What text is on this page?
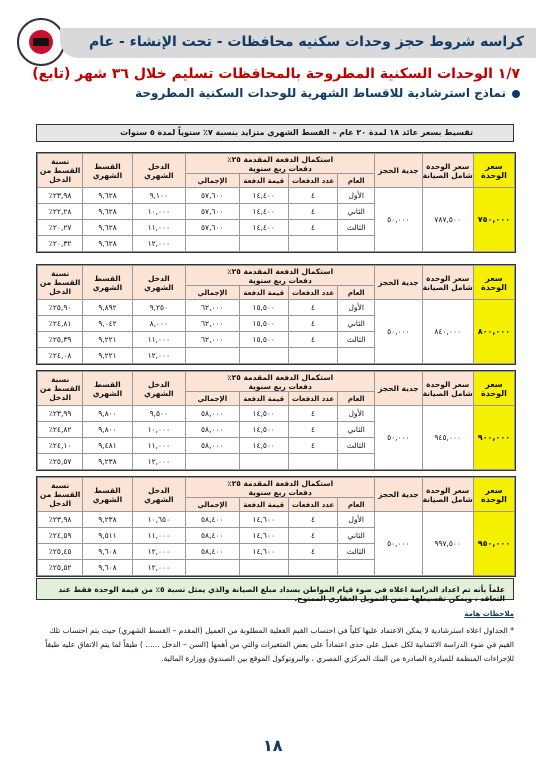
كراسه شروط حجز وحدات سكنيه محافظات - تحت الإنشاء - عام
١/٧ الوحدات السكنية المطروحة بالمحافظات تسليم خلال ٣٦ شهر (تابع)
نماذج استرشادية للاقساط الشهرية للوحدات السكنية المطروحة
تقسيط بسعر عائد ١٨ لمدة ٢٠ عام – القسط الشهري متزايد بنسبة ٧٪ سنوياً لمدة ٥ سنوات
سعر الوحدة	سعر الوحدة شامل الصيانة	جدية الحجز	استكمال الدفعة المقدمة ٢٥٪
دفعات ربع سنوية				الدخل الشهري	القسط الشهري	نسبة القسط من الدخل
			العام	عدد الدفعات	قيمة الدفعة	الإجمالي			
٧٥٠,٠٠٠	٧٨٧,٥٠٠	٥٠,٠٠٠	الأول	٤	١٤,٤٠٠	٥٧,٦٠٠	٩,١٠٠	٩,٦٢٨	٢٣,٩٨٪
			الثاني	٤	١٤,٤٠٠	٥٧,٦٠٠	١٠,٠٠٠	٩,٦٢٨	٢٢,٢٨٪
			الثالث	٤	١٤,٤٠٠	٥٧,٦٠٠	١١,٠٠٠	٩,٦٢٨	٢٠,٢٧٪
							١٢,٠٠٠	٩,٦٢٨	٢٠,٣٢٪
سعر الوحدة	سعر الوحدة شامل الصيانة	جدية الحجز	استكمال الدفعة المقدمة ٢٥٪
دفعات ربع سنوية				الدخل الشهري	القسط الشهري	نسبة القسط من الدخل
			العام	عدد الدفعات	قيمة الدفعة	الإجمالي			
٨٠٠,٠٠٠	٨٤٠,٠٠٠	٥٠,٠٠٠	الأول	٤	١٥,٥٠٠	٦٢,٠٠٠	٩,٢٥٠	٩,٨٩٢	٢٥,٩٠٪
			الثاني	٤	١٥,٥٠٠	٦٢,٠٠٠	٨,٠٠٠	٩,٠٤٢	٢٤,٨١٪
			الثالث	٤	١٥,٥٠٠	٦٢,٠٠٠	١١,٠٠٠	٩,٢٢١	٢٥,٣٩٪
							١٢,٠٠٠	٩,٢٢١	٢٤,٠٨٪
سعر الوحدة	سعر الوحدة شامل الصيانة	جدية الحجز	استكمال الدفعة المقدمة ٢٥٪
دفعات ربع سنوية				الدخل الشهري	القسط الشهري	نسبة القسط من الدخل
			العام	عدد الدفعات	قيمة الدفعة	الإجمالي			
٩٠٠,٠٠٠	٩٤٥,٠٠٠	٥٠,٠٠٠	الأول	٤	١٤,٥٠٠	٥٨,٠٠٠	٩,٥٠٠	٩,٨٠٠	٢٣,٩٩٪
			الثاني	٤	١٤,٥٠٠	٥٨,٠٠٠	١٠,٠٠٠	٩,٨٠٠	٢٤,٨٢٪
			الثالث	٤	١٤,٥٠٠	٥٨,٠٠٠	١١,٠٠٠	٩,٤٨١	٢٤,١٠٪
							١٢,٠٠٠	٩,٢٣٨	٢٥,٥٧٪
سعر الوحدة	سعر الوحدة شامل الصيانة	جدية الحجز	استكمال الدفعة المقدمة ٢٥٪
دفعات ربع سنوية				الدخل الشهري	القسط الشهري	نسبة القسط من الدخل
			العام	عدد الدفعات	قيمة الدفعة	الإجمالي			
٩٥٠,٠٠٠	٩٩٧,٥٠٠	٥٠,٠٠٠	الأول	٤	١٤,٦٠٠	٥٨,٤٠٠	١٠,٦٥٠	٩,٢٣٨	٢٣,٩٨٪
			الثاني	٤	١٤,٦٠٠	٥٨,٤٠٠	١١,٠٠٠	٩,٥١١	٢٤,٥٩٪
			الثالث	٤	١٤,٦٠٠	٥٨,٤٠٠	١٢,٠٠٠	٩,٦٠٨	٢٥,٤٥٪
							١٢,٠٠٠	٩,٦٠٨	٢٥,٥٢٪
علماً بأنه تم اعداد الدراسة اعلاه في ضوء قيام المواطن بسداد مبلغ الصيانة والذي يمثل نسبة ٥٪ من قيمة الوحدة فقط عند التعاقد ، ويمكن تقسيطها ضمن التمويل العقاري الممنوح.
ملاحظات هامة
* الجداول اعلاه استرشادية لا يمكن الاعتماد عليها كلياً في احتساب القيم الفعلية المطلوبة من العميل (المقدم – القسط الشهري) حيث يتم احتساب تلك القيم في ضوء الدراسة الائتمانية لكل عميل على حدى اعتماداً على بعض المتغيرات والتي من أهمها (السن – الدخل ...... ) طبقاً لما يتم الاتفاق عليه طبقاً للإجراءات المنظمة للمبادرة الصادرة من البنك المركزي المصري ، والبروتوكول الموقع بين الصندوق ووزارة المالية.
١٨
